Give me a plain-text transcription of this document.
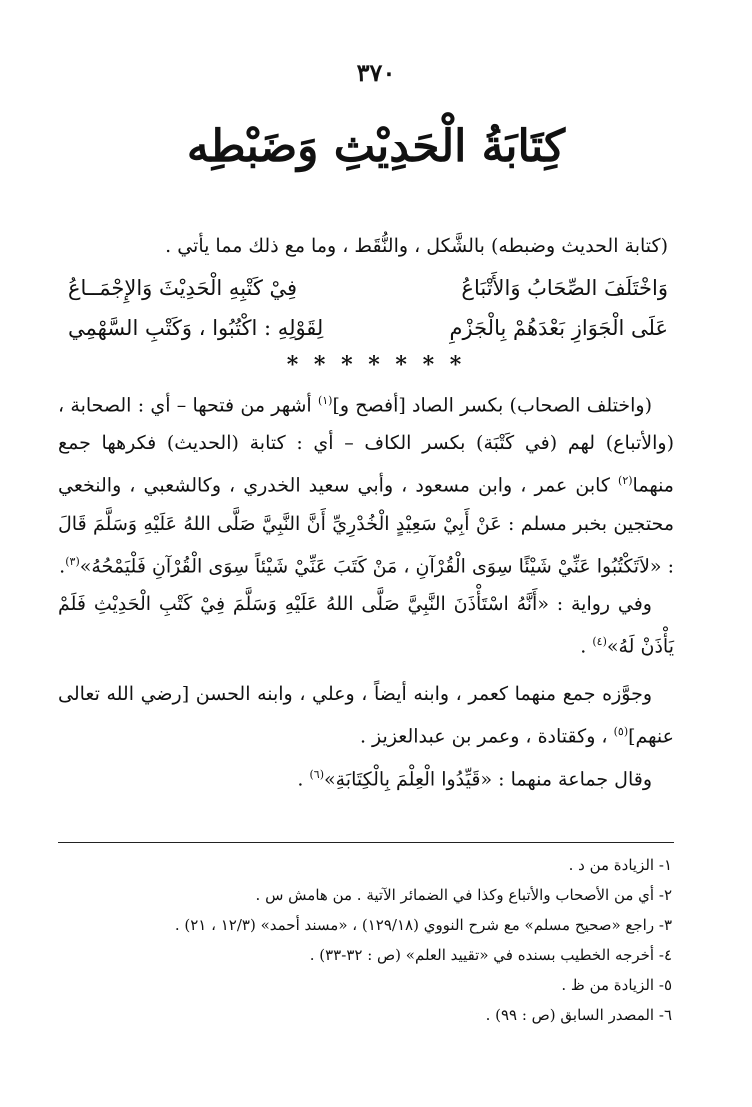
٣٧٠
كِتَابَةُ الْحَدِيْثِ وَضَبْطِه
(كتابة الحديث وضبطه) بالشَّكل ، والنُّقَط ، وما مع ذلك مما يأتي .
وَاخْتَلَفَ الصِّحَابُ وَالأَتْبَاعُ
فِيْ كَتْبِهِ الْحَدِيْثَ وَالإِجْمَــاعُ
عَلَى الْجَوَازِ بَعْدَهُمْ بِالْجَزْمِ
لِقَوْلِهِ : اكْتُبُوا ، وَكَتْبِ السَّهْمِي
* * * * * * *

(واختلف الصحاب) بكسر الصاد [أفصح و]$^{(١)}$ أشهر من فتحها – أي : الصحابة ، (والأتباع) لهم (في كَتْبَة) بكسر الكاف – أي : كتابة (الحديث) فكرهها جمع منهما$^{(٢)}$ كابن عمر ، وابن مسعود ، وأبي سعيد الخدري ، وكالشعبي ، والنخعي محتجين بخبر مسلم : عَنْ أَبِيْ سَعِيْدٍ الْخُدْرِيِّ أَنَّ النَّبِيَّ صَلَّى اللهُ عَلَيْهِ وَسَلَّمَ قَالَ : «لاَتَكْتُبُوا عَنِّيْ شَيْئًا سِوَى الْقُرْآنِ ، مَنْ كَتَبَ عَنِّيْ شَيْئاً سِوَى الْقُرْآنِ فَلْيَمْحُهُ»$^{(٣)}$.

وفي رواية : «أَنَّهُ اسْتَأْذَنَ النَّبِيَّ صَلَّى اللهُ عَلَيْهِ وَسَلَّمَ فِيْ كَتْبِ الْحَدِيْثِ فَلَمْ يَأْذَنْ لَهُ»$^{(٤)}$ .

وجوَّزه جمع منهما كعمر ، وابنه أيضاً ، وعلي ، وابنه الحسن [رضي الله تعالى عنهم]$^{(٥)}$ ، وكقتادة ، وعمر بن عبدالعزيز .

وقال جماعة منهما : «قَيِّدُوا الْعِلْمَ بِالْكِتَابَةِ»$^{(٦)}$ .

١- الزيادة من د .
٢- أي من الأصحاب والأتباع وكذا في الضمائر الآتية . من هامش س .
٣- راجع «صحيح مسلم» مع شرح النووي (١٢٩/١٨) ، «مسند أحمد» (١٢/٣ ، ٢١) .
٤- أخرجه الخطيب بسنده في «تقييد العلم» (ص : ٣٢-٣٣) .
٥- الزيادة من ظ .
٦- المصدر السابق (ص : ٩٩) .
